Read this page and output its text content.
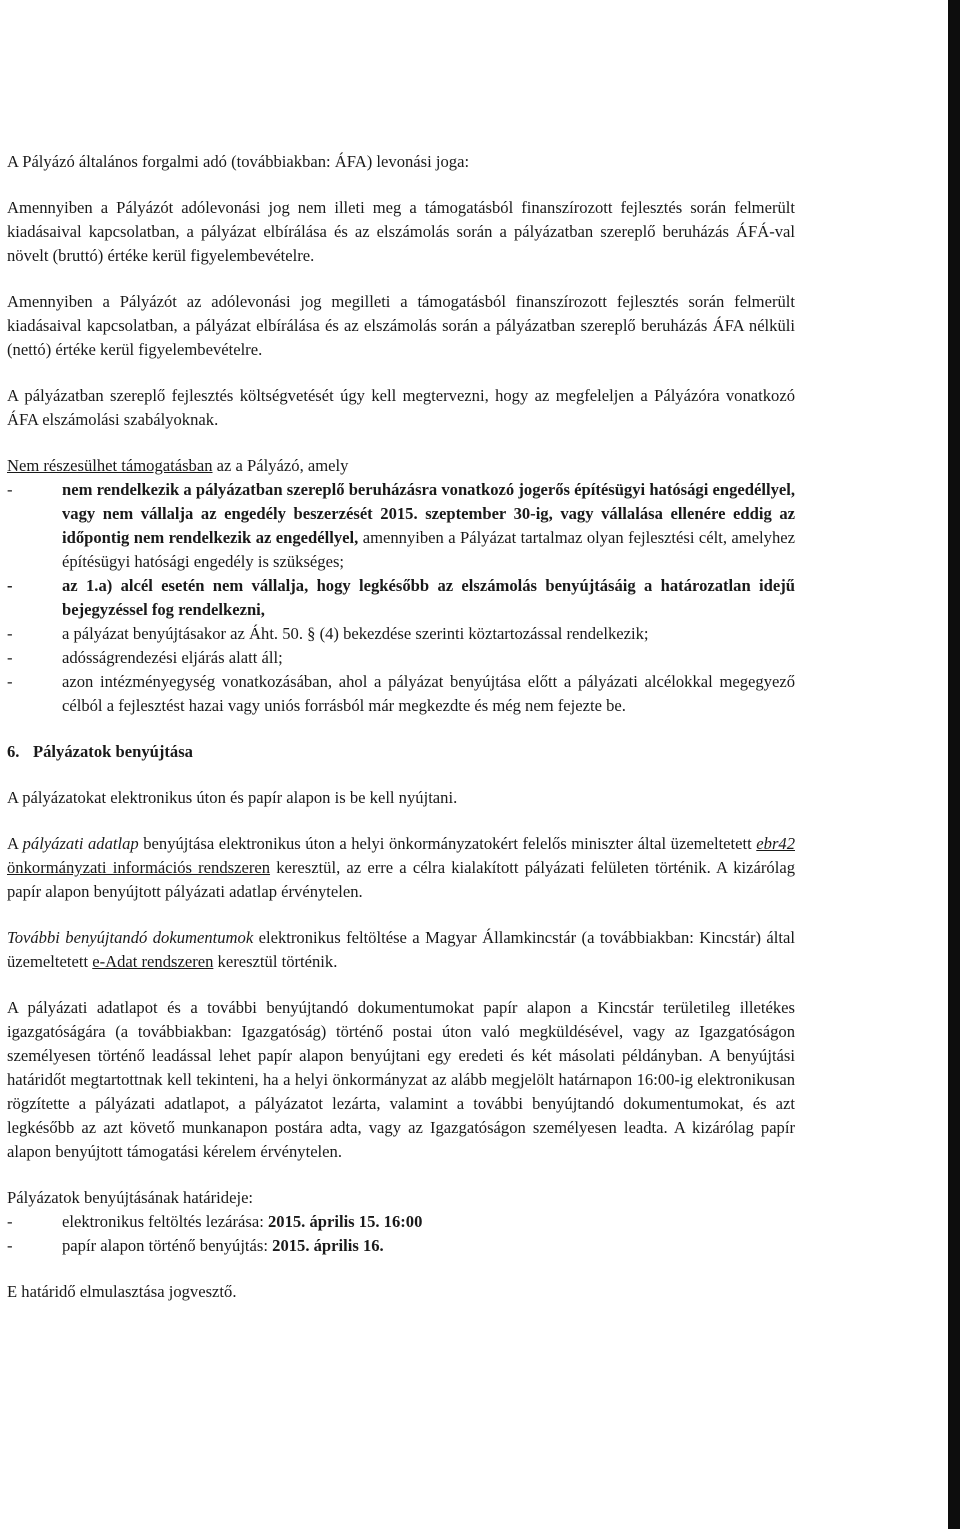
A Pályázó általános forgalmi adó (továbbiakban: ÁFA) levonási joga:

Amennyiben a Pályázót adólevonási jog nem illeti meg a támogatásból finanszírozott fejlesztés során felmerült kiadásaival kapcsolatban, a pályázat elbírálása és az elszámolás során a pályázatban szereplő beruházás ÁFÁ-val növelt (bruttó) értéke kerül figyelembevételre.

Amennyiben a Pályázót az adólevonási jog megilleti a támogatásból finanszírozott fejlesztés során felmerült kiadásaival kapcsolatban, a pályázat elbírálása és az elszámolás során a pályázatban szereplő beruházás ÁFA nélküli (nettó) értéke kerül figyelembevételre.

A pályázatban szereplő fejlesztés költségvetését úgy kell megtervezni, hogy az megfeleljen a Pályázóra vonatkozó ÁFA elszámolási szabályoknak.

Nem részesülhet támogatásban az a Pályázó, amely

- nem rendelkezik a pályázatban szereplő beruházásra vonatkozó jogerős építésügyi hatósági engedéllyel, vagy nem vállalja az engedély beszerzését 2015. szeptember 30-ig, vagy vállalása ellenére eddig az időpontig nem rendelkezik az engedéllyel, amennyiben a Pályázat tartalmaz olyan fejlesztési célt, amelyhez építésügyi hatósági engedély is szükséges;
- az 1.a) alcél esetén nem vállalja, hogy legkésőbb az elszámolás benyújtásáig a határozatlan idejű bejegyzéssel fog rendelkezni,
- a pályázat benyújtásakor az Áht. 50. § (4) bekezdése szerinti köztartozással rendelkezik;
- adósságrendezési eljárás alatt áll;
- azon intézményegység vonatkozásában, ahol a pályázat benyújtása előtt a pályázati alcélokkal megegyező célból a fejlesztést hazai vagy uniós forrásból már megkezdte és még nem fejezte be.
6. Pályázatok benyújtása

A pályázatokat elektronikus úton és papír alapon is be kell nyújtani.

A pályázati adatlap benyújtása elektronikus úton a helyi önkormányzatokért felelős miniszter által üzemeltetett ebr42 önkormányzati információs rendszeren keresztül, az erre a célra kialakított pályázati felületen történik. A kizárólag papír alapon benyújtott pályázati adatlap érvénytelen.

További benyújtandó dokumentumok elektronikus feltöltése a Magyar Államkincstár (a továbbiakban: Kincstár) által üzemeltetett e-Adat rendszeren keresztül történik.

A pályázati adatlapot és a további benyújtandó dokumentumokat papír alapon a Kincstár területileg illetékes igazgatóságára (a továbbiakban: Igazgatóság) történő postai úton való megküldésével, vagy az Igazgatóságon személyesen történő leadással lehet papír alapon benyújtani egy eredeti és két másolati példányban. A benyújtási határidőt megtartottnak kell tekinteni, ha a helyi önkormányzat az alább megjelölt határnapon 16:00-ig elektronikusan rögzítette a pályázati adatlapot, a pályázatot lezárta, valamint a további benyújtandó dokumentumokat, és azt legkésőbb az azt követő munkanapon postára adta, vagy az Igazgatóságon személyesen leadta. A kizárólag papír alapon benyújtott támogatási kérelem érvénytelen.

Pályázatok benyújtásának határideje:

- elektronikus feltöltés lezárása: 2015. április 15. 16:00
- papír alapon történő benyújtás: 2015. április 16.

E határidő elmulasztása jogvesztő.
